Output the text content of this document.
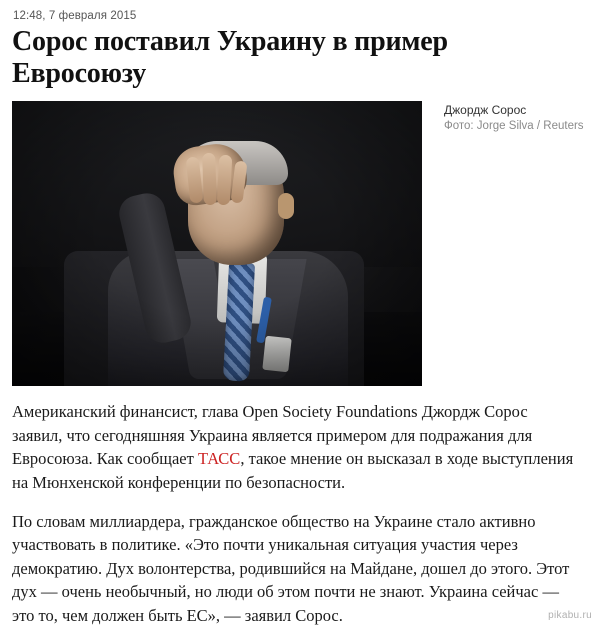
12:48, 7 февраля 2015
Сорос поставил Украину в пример Евросоюзу
Джордж Сорос
Фото: Jorge Silva / Reuters

Американский финансист, глава Open Society Foundations Джордж Сорос заявил, что сегодняшняя Украина является примером для подражания для Евросоюза. Как сообщает ТАСС, такое мнение он высказал в ходе выступления на Мюнхенской конференции по безопасности.

По словам миллиардера, гражданское общество на Украине стало активно участвовать в политике. «Это почти уникальная ситуация участия через демократию. Дух волонтерства, родившийся на Майдане, дошел до этого. Этот дух — очень необычный, но люди об этом почти не знают. Украина сейчас — это то, чем должен быть ЕС», — заявил Сорос.	pikabu.ru
